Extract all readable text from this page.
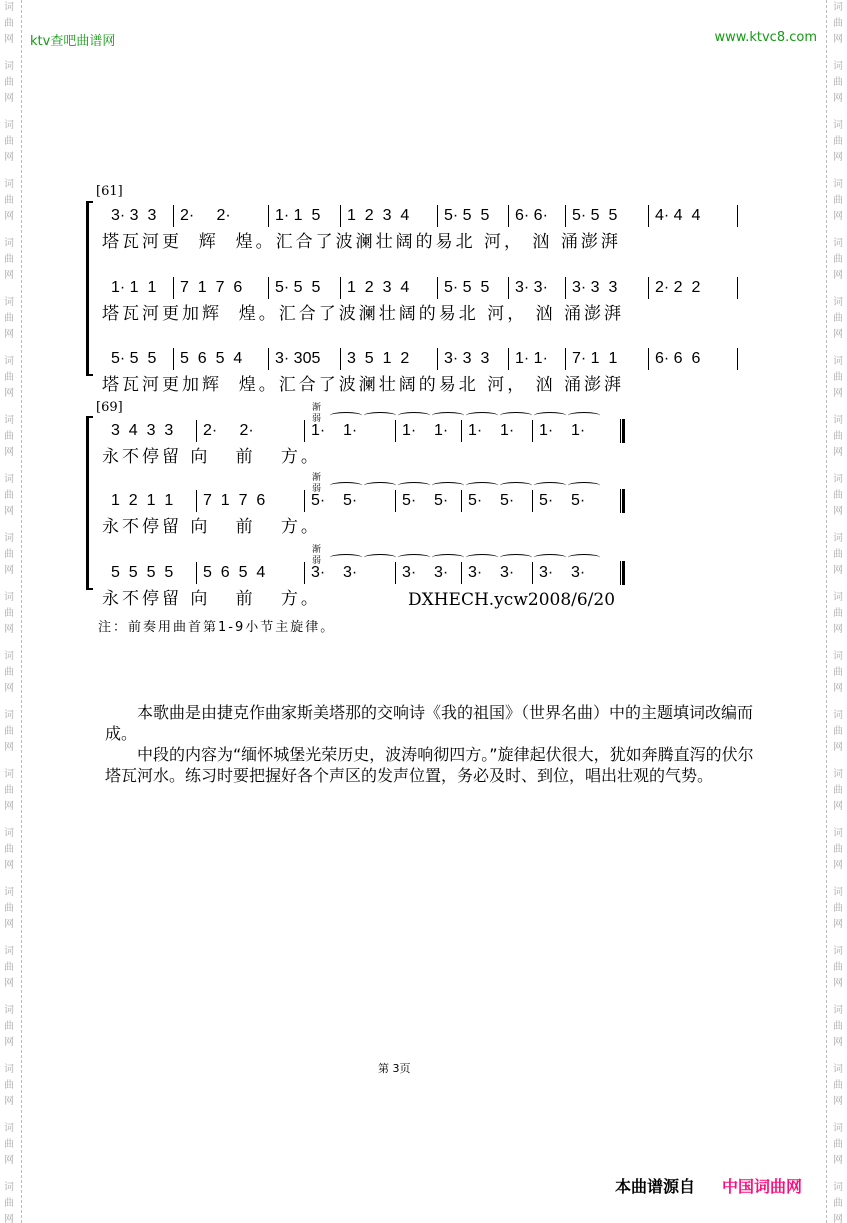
词
曲
网
词
曲
网
词
曲
网
词
曲
网
词
曲
网
词
曲
网
词
曲
网
词
曲
网
词
曲
网
词
曲
网
词
曲
网
词
曲
网
词
曲
网
词
曲
网
词
曲
网
词
曲
网
词
曲
网
词
曲
网
词
曲
网
词
曲
网
词
曲
网
词
曲
网
词
曲
网
词
曲
网
词
曲
网
词
曲
网
词
曲
网
词
曲
网
词
曲
网
词
曲
网
词
曲
网
词
曲
网
词
曲
网
词
曲
网
词
曲
网
词
曲
网
词
曲
网
词
曲
网
词
曲
网
词
曲
网
词
曲
网
词
曲
网
ktv查吧曲谱网	www.ktvc8.com
[61]
3· 3  3	2·     2·	1· 1  5	1  2  3  4	5· 5  5	6· 6·	5· 5  5	4· 4  4
塔瓦河更  辉  煌。汇合了波澜壮阔的易北 河， 汹 涌澎湃
1· 1  1	7  1  7  6	5· 5  5	1  2  3  4	5· 5  5	3· 3·	3· 3  3	2· 2  2
塔瓦河更加辉  煌。汇合了波澜壮阔的易北 河， 汹 涌澎湃
5· 5  5	5  6  5  4	3· 305	3  5  1  2	3· 3  3	1· 1·	7· 1  1	6· 6  6
塔瓦河更加辉  煌。汇合了波澜壮阔的易北 河， 汹 涌澎湃
[69]
3  4  3  3	2·     2·	1·    1·	1·    1·	1·    1·	1·    1·
渐弱
永不停留 向   前   方。
1  2  1  1	7  1  7  6	5·    5·	5·    5·	5·    5·	5·    5·
渐弱
永不停留 向   前   方。
5  5  5  5	5  6  5  4	3·    3·	3·    3·	3·    3·	3·    3·
渐弱
永不停留 向   前   方。	DXHECH.ycw2008/6/20
注：前奏用曲首第1-9小节主旋律。

本歌曲是由捷克作曲家斯美塔那的交响诗《我的祖国》（世界名曲）中的主题填词改编而成。

中段的内容为“缅怀城堡光荣历史，波涛响彻四方。”旋律起伏很大，犹如奔腾直泻的伏尔塔瓦河水。练习时要把握好各个声区的发声位置，务必及时、到位，唱出壮观的气势。

第 3页
本曲谱源自 中国词曲网
